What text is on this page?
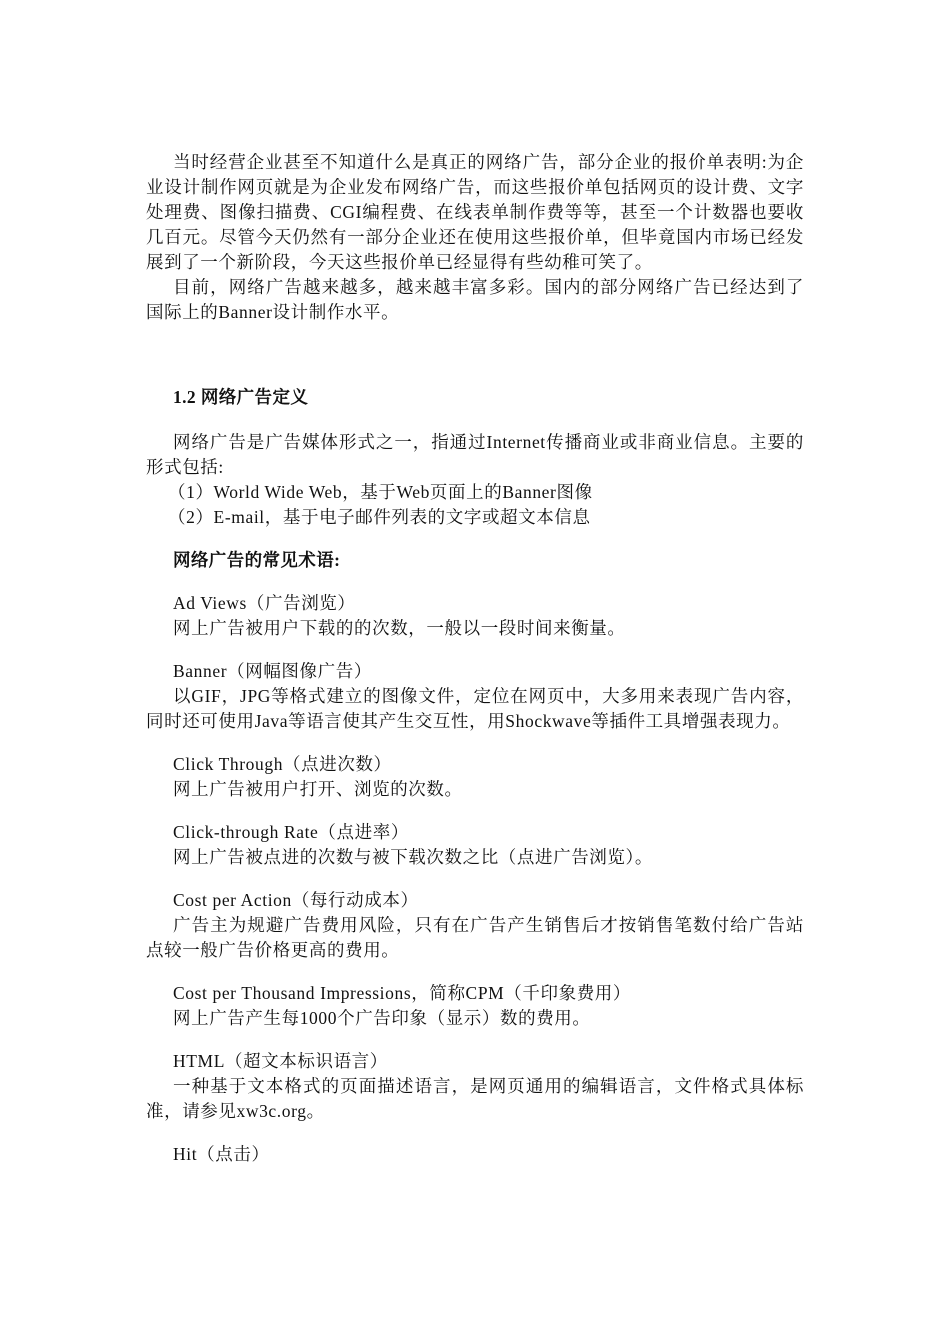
当时经营企业甚至不知道什么是真正的网络广告，部分企业的报价单表明:为企业设计制作网页就是为企业发布网络广告，而这些报价单包括网页的设计费、文字处理费、图像扫描费、CGI编程费、在线表单制作费等等，甚至一个计数器也要收几百元。尽管今天仍然有一部分企业还在使用这些报价单，但毕竟国内市场已经发展到了一个新阶段，今天这些报价单已经显得有些幼稚可笑了。

目前，网络广告越来越多，越来越丰富多彩。国内的部分网络广告已经达到了国际上的Banner设计制作水平。

1.2 网络广告定义

网络广告是广告媒体形式之一，指通过Internet传播商业或非商业信息。主要的形式包括:

（1）World Wide Web，基于Web页面上的Banner图像

（2）E-mail，基于电子邮件列表的文字或超文本信息

网络广告的常见术语:

Ad Views（广告浏览）

网上广告被用户下载的的次数，一般以一段时间来衡量。

Banner（网幅图像广告）

以GIF，JPG等格式建立的图像文件，定位在网页中，大多用来表现广告内容，同时还可使用Java等语言使其产生交互性，用Shockwave等插件工具增强表现力。

Click Through（点进次数）

网上广告被用户打开、浏览的次数。

Click-through Rate（点进率）

网上广告被点进的次数与被下载次数之比（点进广告浏览）。

Cost per Action（每行动成本）

广告主为规避广告费用风险，只有在广告产生销售后才按销售笔数付给广告站点较一般广告价格更高的费用。

Cost per Thousand Impressions，简称CPM（千印象费用）

网上广告产生每1000个广告印象（显示）数的费用。

HTML（超文本标识语言）

一种基于文本格式的页面描述语言，是网页通用的编辑语言，文件格式具体标准，请参见xw3c.org。

Hit（点击）
